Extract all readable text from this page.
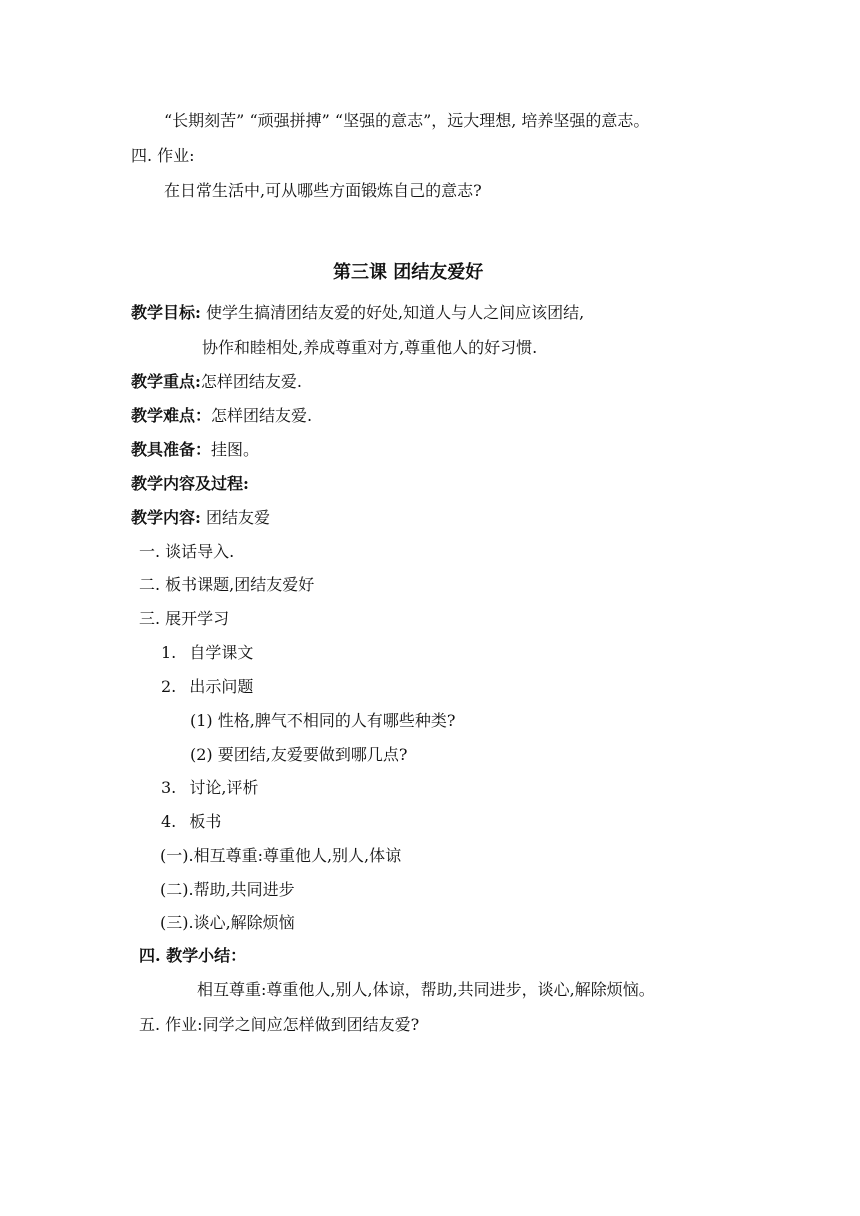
“长期刻苦” “顽强拼搏” “坚强的意志”，远大理想, 培养坚强的意志。
四. 作业:
在日常生活中,可从哪些方面锻炼自己的意志?
第三课 团结友爱好
教学目标: 使学生搞清团结友爱的好处,知道人与人之间应该团结,
协作和睦相处,养成尊重对方,尊重他人的好习惯.
教学重点:怎样团结友爱.
教学难点：怎样团结友爱.
教具准备：挂图。
教学内容及过程:
教学内容: 团结友爱
一. 谈话导入.
二. 板书课题,团结友爱好
三. 展开学习
1. 自学课文
2. 出示问题
(1) 性格,脾气不相同的人有哪些种类?
(2) 要团结,友爱要做到哪几点?
3. 讨论,评析
4. 板书
(一).相互尊重:尊重他人,别人,体谅
(二).帮助,共同进步
(三).谈心,解除烦恼
四. 教学小结：
相互尊重:尊重他人,别人,体谅，帮助,共同进步，谈心,解除烦恼。
五. 作业:同学之间应怎样做到团结友爱?
